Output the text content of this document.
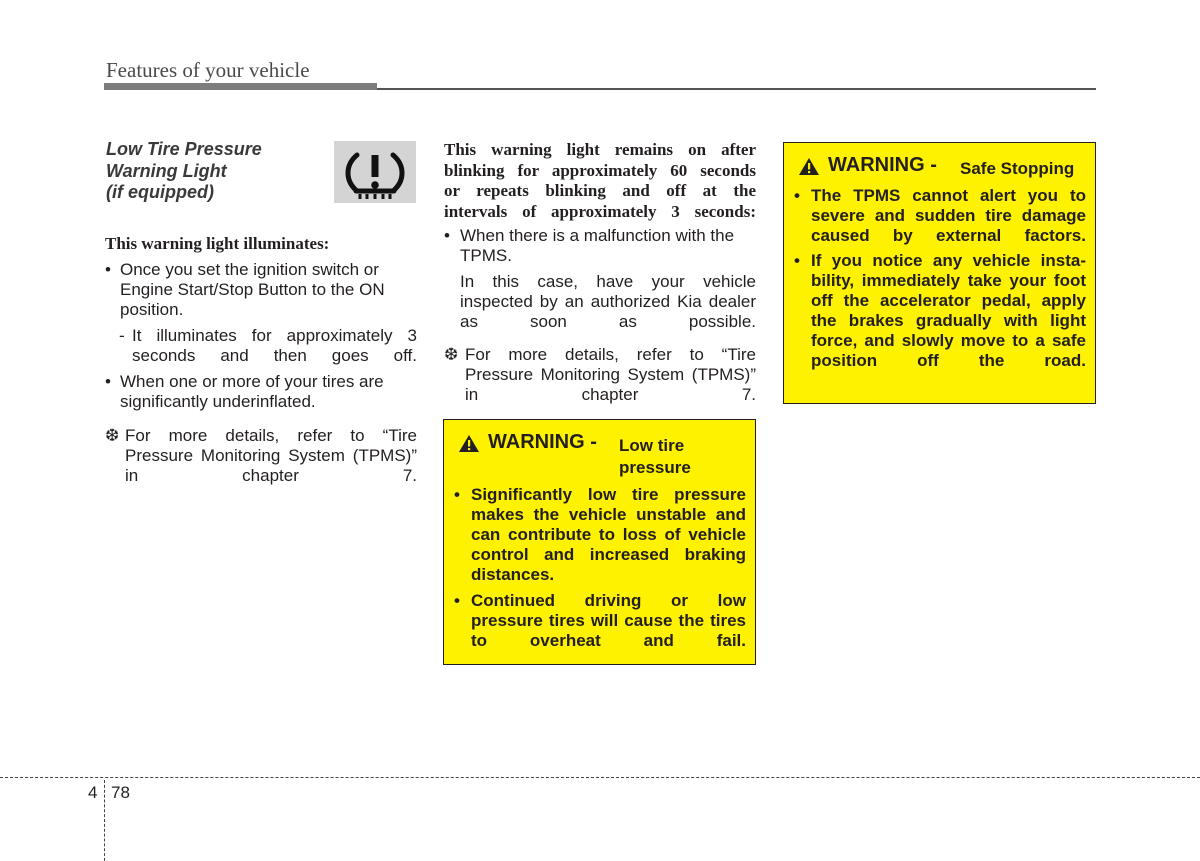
Features of your vehicle
Low Tire Pressure
Warning Light
(if equipped)
This warning light illuminates:
• Once you set the ignition switch or Engine Start/Stop Button to the ON position.
- It illuminates for approximately 3 seconds and then goes off.
• When one or more of your tires are significantly underinflated.
❆ For more details, refer to “Tire Pressure Monitoring System (TPMS)” in chapter 7.
This warning light remains on after
blinking for approximately 60 seconds
or repeats blinking and off at the
intervals of approximately 3 seconds:
• When there is a malfunction with the TPMS.
In this case, have your vehicle inspected by an authorized Kia dealer as soon as possible.
❆ For more details, refer to “Tire Pressure Monitoring System (TPMS)” in chapter 7.
WARNING - Low tire
pressure
• Significantly low tire pressure makes the vehicle unstable and can contribute to loss of vehicle control and increased braking distances.
• Continued driving or low pressure tires will cause the tires to overheat and fail.
WARNING - Safe Stopping
• The TPMS cannot alert you to severe and sudden tire damage caused by external factors.
• If you notice any vehicle insta-bility, immediately take your foot off the accelerator pedal, apply the brakes gradually with light force, and slowly move to a safe position off the road.
4 78
